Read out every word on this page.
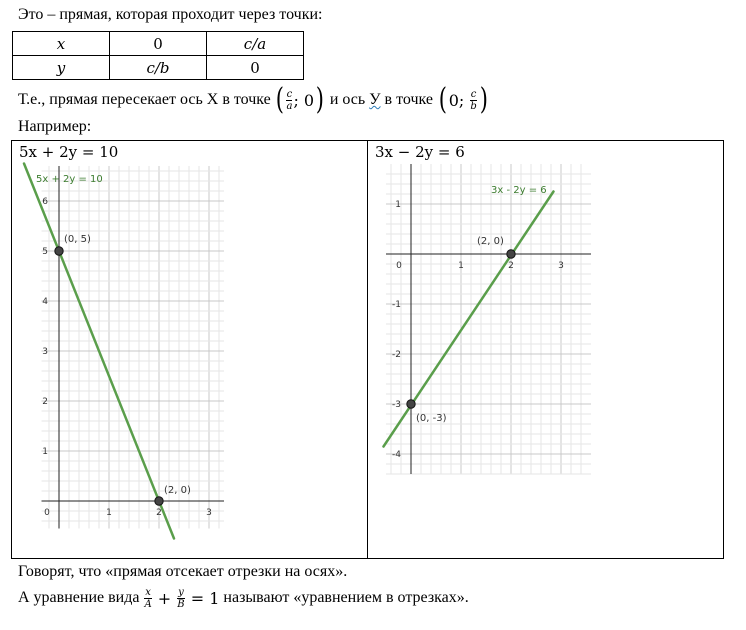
Это – прямая, которая проходит через точки:
x	0	c/a
y	c/b	0
Т.е., прямая пересекает ось X в точке ( $\frac{c}{a}$ ; 0 ) и ось У в точке ( 0; $\frac{c}{b}$ )
Например:
5x + 2y = 10	3x − 2y = 6
0	1	2	3
1
2
3
4
5
6
5x + 2y = 10
(0, 5)
(2, 0)
0	1	2	3
1
-1
-2
-3
-4
3x - 2y = 6
(2, 0)
(0, -3)
Говорят, что «прямая отсекает отрезки на осях».
А уравнение вида $\frac{x}{A} + \frac{y}{B} = 1$ называют «уравнением в отрезках».
